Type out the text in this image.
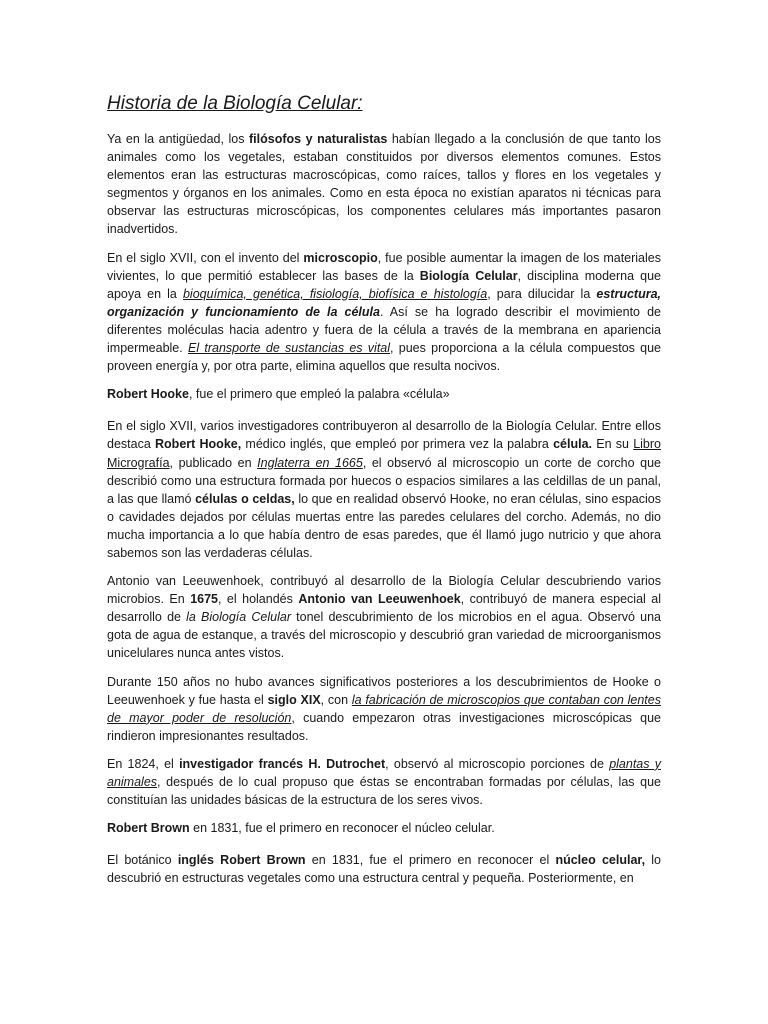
Historia de la Biología Celular:

Ya en la antigüedad, los filósofos y naturalistas habían llegado a la conclusión de que tanto los animales como los vegetales, estaban constituidos por diversos elementos comunes. Estos elementos eran las estructuras macroscópicas, como raíces, tallos y flores en los vegetales y segmentos y órganos en los animales. Como en esta época no existían aparatos ni técnicas para observar las estructuras microscópicas, los componentes celulares más importantes pasaron inadvertidos.

En el siglo XVII, con el invento del microscopio, fue posible aumentar la imagen de los materiales vivientes, lo que permitió establecer las bases de la Biología Celular, disciplina moderna que apoya en la bioquímica, genética, fisiología, biofísica e histología, para dilucidar la estructura, organización y funcionamiento de la célula. Así se ha logrado describir el movimiento de diferentes moléculas hacia adentro y fuera de la célula a través de la membrana en apariencia impermeable. El transporte de sustancias es vital, pues proporciona a la célula compuestos que proveen energía y, por otra parte, elimina aquellos que resulta nocivos.

Robert Hooke, fue el primero que empleó la palabra «célula»

En el siglo XVII, varios investigadores contribuyeron al desarrollo de la Biología Celular. Entre ellos destaca Robert Hooke, médico inglés, que empleó por primera vez la palabra célula. En su Libro Micrografía, publicado en Inglaterra en 1665, el observó al microscopio un corte de corcho que describió como una estructura formada por huecos o espacios similares a las celdillas de un panal, a las que llamó células o celdas, lo que en realidad observó Hooke, no eran células, sino espacios o cavidades dejados por células muertas entre las paredes celulares del corcho. Además, no dio mucha importancia a lo que había dentro de esas paredes, que él llamó jugo nutricio y que ahora sabemos son las verdaderas células.

Antonio van Leeuwenhoek, contribuyó al desarrollo de la Biología Celular descubriendo varios microbios. En 1675, el holandés Antonio van Leeuwenhoek, contribuyó de manera especial al desarrollo de la Biología Celular tonel descubrimiento de los microbios en el agua. Observó una gota de agua de estanque, a través del microscopio y descubrió gran variedad de microorganismos unicelulares nunca antes vistos.

Durante 150 años no hubo avances significativos posteriores a los descubrimientos de Hooke o Leeuwenhoek y fue hasta el siglo XIX, con la fabricación de microscopios que contaban con lentes de mayor poder de resolución, cuando empezaron otras investigaciones microscópicas que rindieron impresionantes resultados.

En 1824, el investigador francés H. Dutrochet, observó al microscopio porciones de plantas y animales, después de lo cual propuso que éstas se encontraban formadas por células, las que constituían las unidades básicas de la estructura de los seres vivos.

Robert Brown en 1831, fue el primero en reconocer el núcleo celular.

El botánico inglés Robert Brown en 1831, fue el primero en reconocer el núcleo celular, lo descubrió en estructuras vegetales como una estructura central y pequeña. Posteriormente, en
